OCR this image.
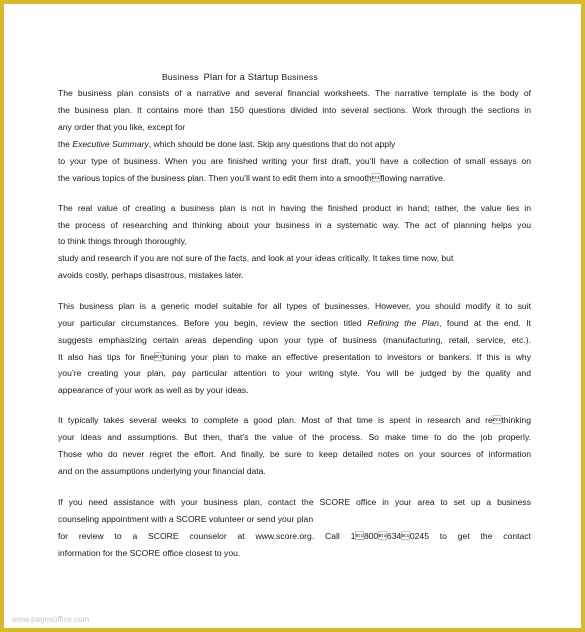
Business Plan for a Startup Business
The business plan consists of a narrative and several financial worksheets. The narrative template is the body of
the business plan. It contains more than 150 questions divided into several sections. Work through the sections in
any order that you like, except for
the Executive Summary, which should be done last. Skip any questions that do not apply
to your type of business. When you are finished writing your first draft, you’ll have a collection of small essays on
the various topics of the business plan. Then you’ll want to edit them into a smoothflowing narrative.
The real value of creating a business plan is not in having the finished product in hand; rather, the value lies in
the process of researching and thinking about your business in a systematic way. The act of planning helps you
to think things through thoroughly,
study and research if you are not sure of the facts, and look at your ideas critically. It takes time now, but
avoids costly, perhaps disastrous, mistakes later.
This business plan is a generic model suitable for all types of businesses. However, you should modify it to suit
your particular circumstances. Before you begin, review the section titled Refining the Plan, found at the end. It
suggests emphasizing certain areas depending upon your type of business (manufacturing, retail, service, etc.).
It also has tips for finetuning your plan to make an effective presentation to investors or bankers. If this is why
you’re creating your plan, pay particular attention to your writing style. You will be judged by the quality and
appearance of your work as well as by your ideas.
It typically takes several weeks to complete a good plan. Most of that time is spent in research and rethinking
your ideas and assumptions. But then, that’s the value of the process. So make time to do the job properly.
Those who do never regret the effort. And finally, be sure to keep detailed notes on your sources of information
and on the assumptions underlying your financial data.
If you need assistance with your business plan, contact the SCORE office in your area to set up a business
counseling appointment with a SCORE volunteer or send your plan
for review to a SCORE counselor at www.score.org. Call 18006340245 to get the contact
information for the SCORE office closest to you.
www.pagesoffice.com
